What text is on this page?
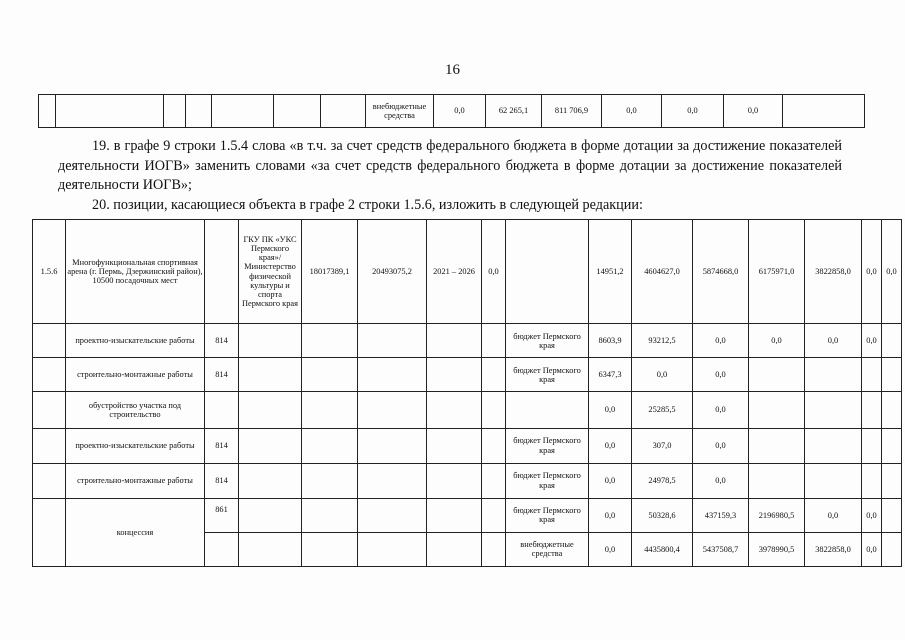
16
							внебюджетные средства	0,0	62 265,1	811 706,9	0,0	0,0	0,0	
19. в графе 9 строки 1.5.4 слова «в т.ч. за счет средств федерального бюджета в форме дотации за достижение показателей деятельности ИОГВ» заменить словами «за счет средств федерального бюджета в форме дотации за достижение показателей деятельности ИОГВ»;
20. позиции, касающиеся объекта в графе 2 строки 1.5.6, изложить в следующей редакции:
1.5.6	Многофункциональная спортивная арена (г. Пермь, Дзержинский район), 10500 посадочных мест		ГКУ ПК «УКС Пермского края»/ Министерство физической культуры и спорта Пермского края	18017389,1	20493075,2	2021 – 2026	0,0		14951,2	4604627,0	5874668,0	6175971,0	3822858,0	0,0	0,0
	проектно-изыскательские работы	814						бюджет Пермского края	8603,9	93212,5	0,0	0,0	0,0	0,0	
	строительно-монтажные работы	814						бюджет Пермского края	6347,3	0,0	0,0				
	обустройство участка под строительство								0,0	25285,5	0,0				
	проектно-изыскательские работы	814						бюджет Пермского края	0,0	307,0	0,0				
	строительно-монтажные работы	814						бюджет Пермского края	0,0	24978,5	0,0				
	концессия	861						бюджет Пермского края	0,0	50328,6	437159,3	2196980,5	0,0	0,0	
								внебюджетные средства	0,0	4435800,4	5437508,7	3978990,5	3822858,0	0,0	
